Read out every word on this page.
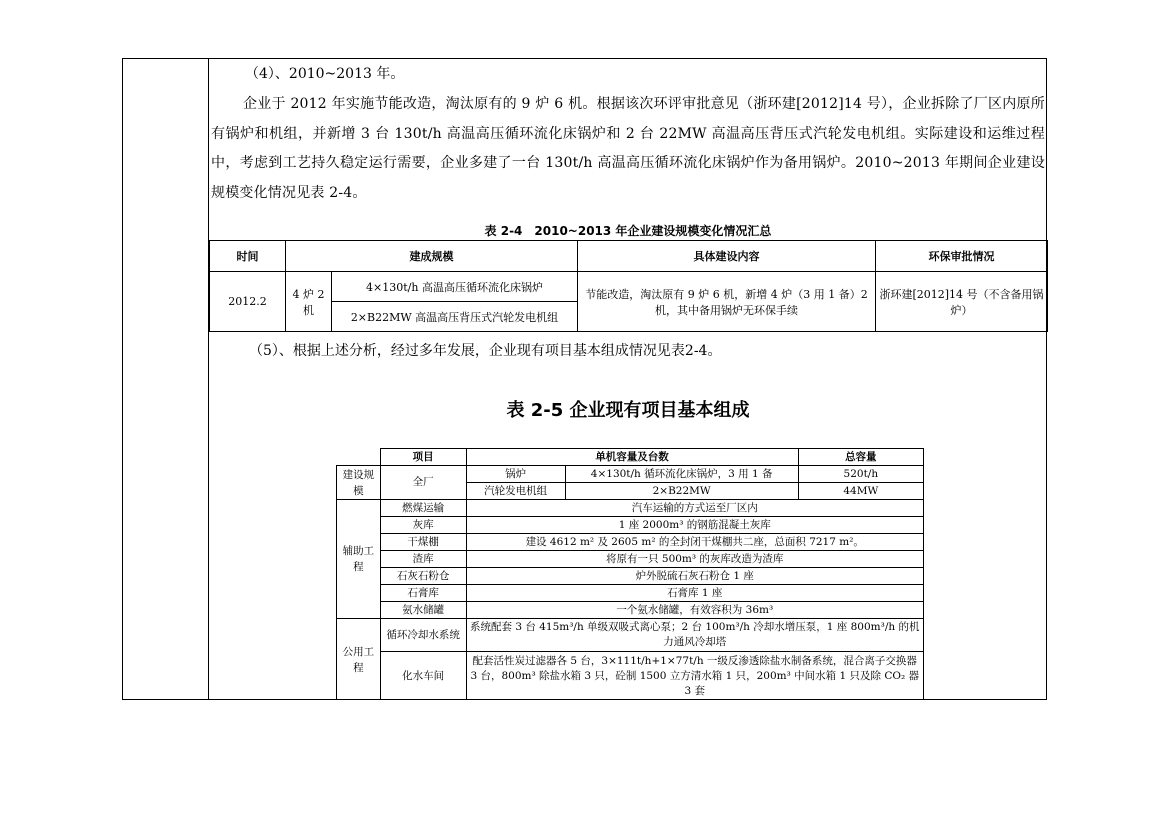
（4）、2010~2013 年。
企业于 2012 年实施节能改造，淘汰原有的 9 炉 6 机。根据该次环评审批意见（浙环建[2012]14 号），企业拆除了厂区内原所有锅炉和机组，并新增 3 台 130t/h 高温高压循环流化床锅炉和 2 台 22MW 高温高压背压式汽轮发电机组。实际建设和运维过程中，考虑到工艺持久稳定运行需要，企业多建了一台 130t/h 高温高压循环流化床锅炉作为备用锅炉。2010~2013 年期间企业建设规模变化情况见表 2-4。
表 2-4　2010~2013 年企业建设规模变化情况汇总
时间	建成规模		具体建设内容	环保审批情况
2012.2	4 炉 2 机	4×130t/h 高温高压循环流化床锅炉	节能改造，淘汰原有 9 炉 6 机，新增 4 炉（3 用 1 备）2 机，其中备用锅炉无环保手续	浙环建[2012]14 号（不含备用锅炉）
		2×B22MW 高温高压背压式汽轮发电机组		
（5）、根据上述分析，经过多年发展，企业现有项目基本组成情况见表2-4。
表 2-5 企业现有项目基本组成
	项目	单机容量及台数		总容量
建设规模	全厂	锅炉	4×130t/h 循环流化床锅炉，3 用 1 备	520t/h
		汽轮发电机组	2×B22MW	44MW
辅助工程	燃煤运输	汽车运输的方式运至厂区内		
	灰库	1 座 2000m³ 的钢筋混凝土灰库		
	干煤棚	建设 4612 m² 及 2605 m² 的全封闭干煤棚共二座，总面积 7217 m²。		
	渣库	将原有一只 500m³ 的灰库改造为渣库		
	石灰石粉仓	炉外脱硫石灰石粉仓 1 座		
	石膏库	石膏库 1 座		
	氨水储罐	一个氨水储罐，有效容积为 36m³		
公用工程	循环冷却水系统	系统配套 3 台 415m³/h 单级双吸式离心泵；2 台 100m³/h 冷却水增压泵，1 座 800m³/h 的机力通风冷却塔		
	化水车间	配套活性炭过滤器各 5 台，3×111t/h+1×77t/h 一级反渗透除盐水制备系统，混合离子交换器 3 台，800m³ 除盐水箱 3 只，砼制 1500 立方清水箱 1 只，200m³ 中间水箱 1 只及除 CO₂ 器 3 套		
